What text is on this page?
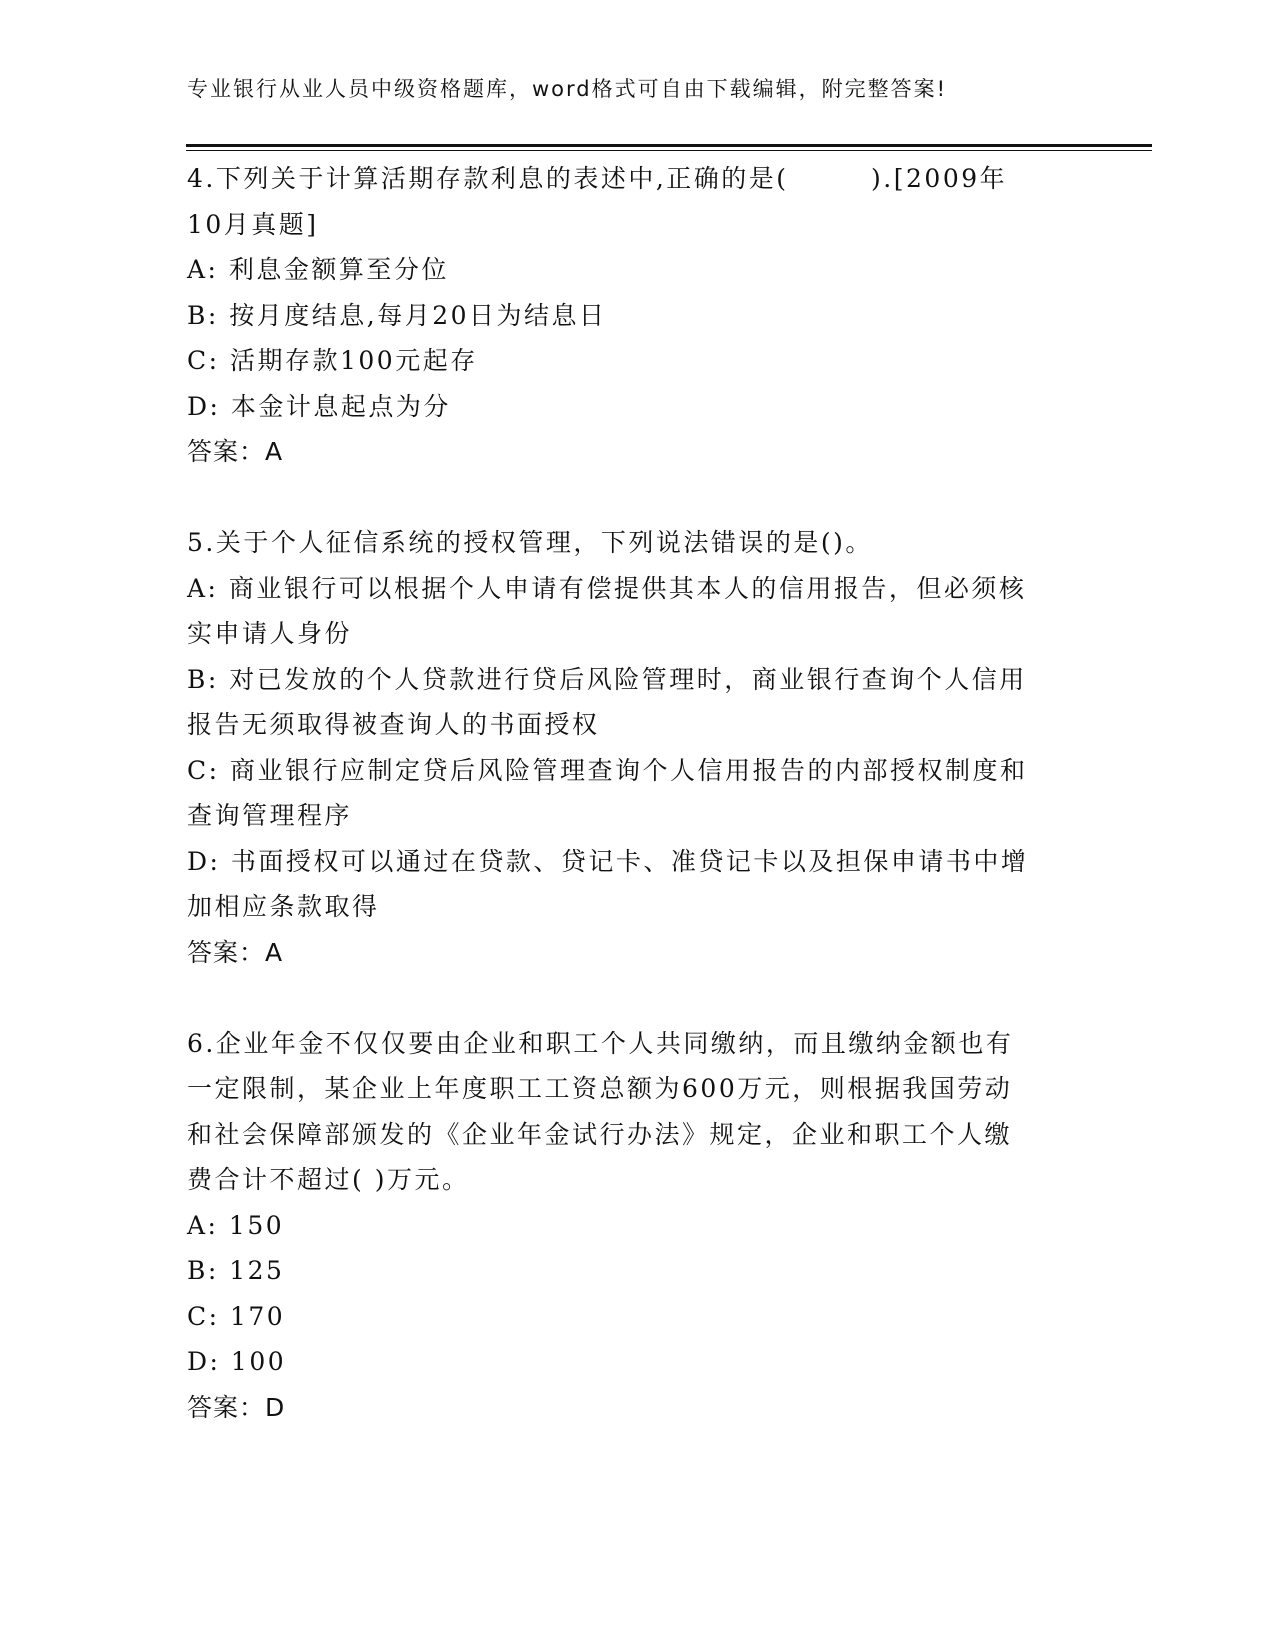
专业银行从业人员中级资格题库，word格式可自由下载编辑，附完整答案!

4.下列关于计算活期存款利息的表述中,正确的是(　　　).[2009年

10月真题]

A: 利息金额算至分位

B: 按月度结息,每月20日为结息日

C: 活期存款100元起存

D: 本金计息起点为分

答案：A

5.关于个人征信系统的授权管理，下列说法错误的是()。

A: 商业银行可以根据个人申请有偿提供其本人的信用报告，但必须核

实申请人身份

B: 对已发放的个人贷款进行贷后风险管理时，商业银行查询个人信用

报告无须取得被查询人的书面授权

C: 商业银行应制定贷后风险管理查询个人信用报告的内部授权制度和

查询管理程序

D: 书面授权可以通过在贷款、贷记卡、准贷记卡以及担保申请书中增

加相应条款取得

答案：A

6.企业年金不仅仅要由企业和职工个人共同缴纳，而且缴纳金额也有

一定限制，某企业上年度职工工资总额为600万元，则根据我国劳动

和社会保障部颁发的《企业年金试行办法》规定，企业和职工个人缴

费合计不超过( )万元。

A: 150

B: 125

C: 170

D: 100

答案：D
